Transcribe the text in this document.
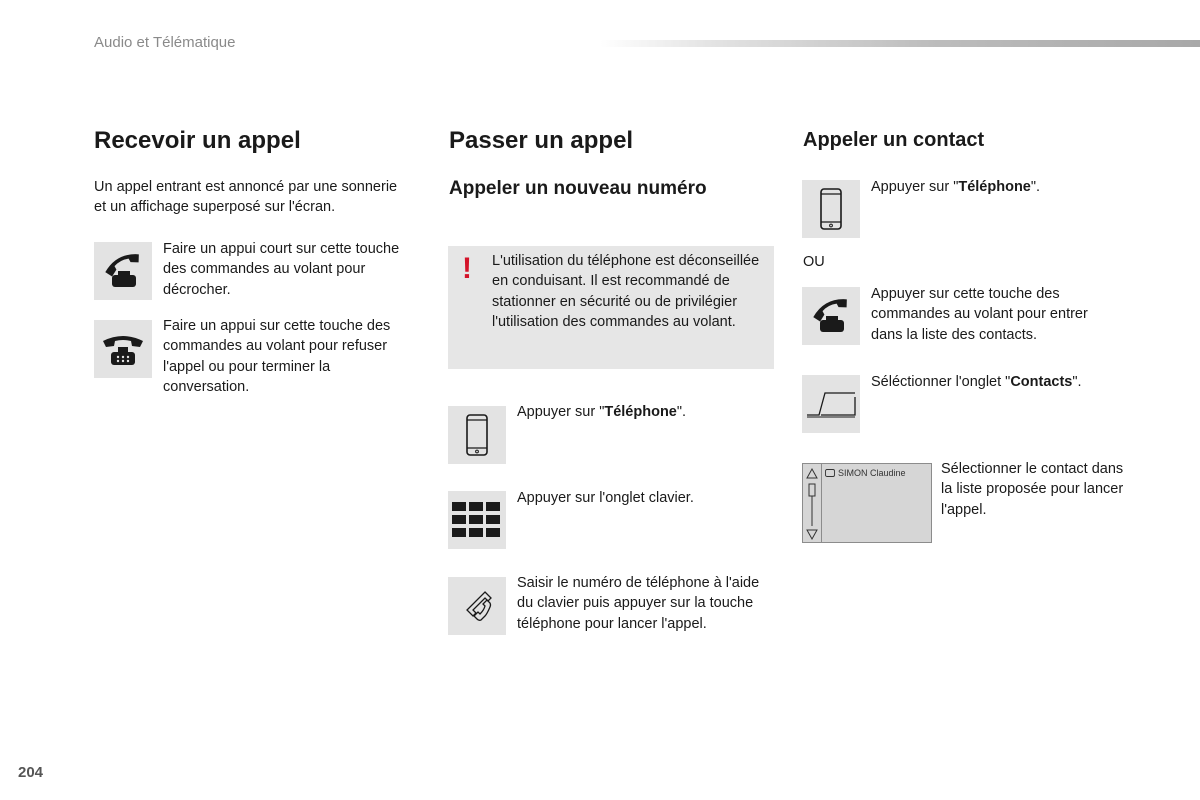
Audio et Télématique
Recevoir un appel
Un appel entrant est annoncé par une sonnerie et un affichage superposé sur l'écran.
Faire un appui court sur cette touche des commandes au volant pour décrocher.
Faire un appui sur cette touche des commandes au volant pour refuser l'appel ou pour terminer la conversation.
Passer un appel
Appeler un nouveau numéro
! L'utilisation du téléphone est déconseillée en conduisant. Il est recommandé de stationner en sécurité ou de privilégier l'utilisation des commandes au volant.
Appuyer sur "Téléphone".
Appuyer sur l'onglet clavier.
Saisir le numéro de téléphone à l'aide du clavier puis appuyer sur la touche téléphone pour lancer l'appel.
Appeler un contact
Appuyer sur "Téléphone".
OU
Appuyer sur cette touche des commandes au volant pour entrer dans la liste des contacts.
Séléctionner l'onglet "Contacts".
SIMON Claudine Sélectionner le contact dans la liste proposée pour lancer l'appel.
204
